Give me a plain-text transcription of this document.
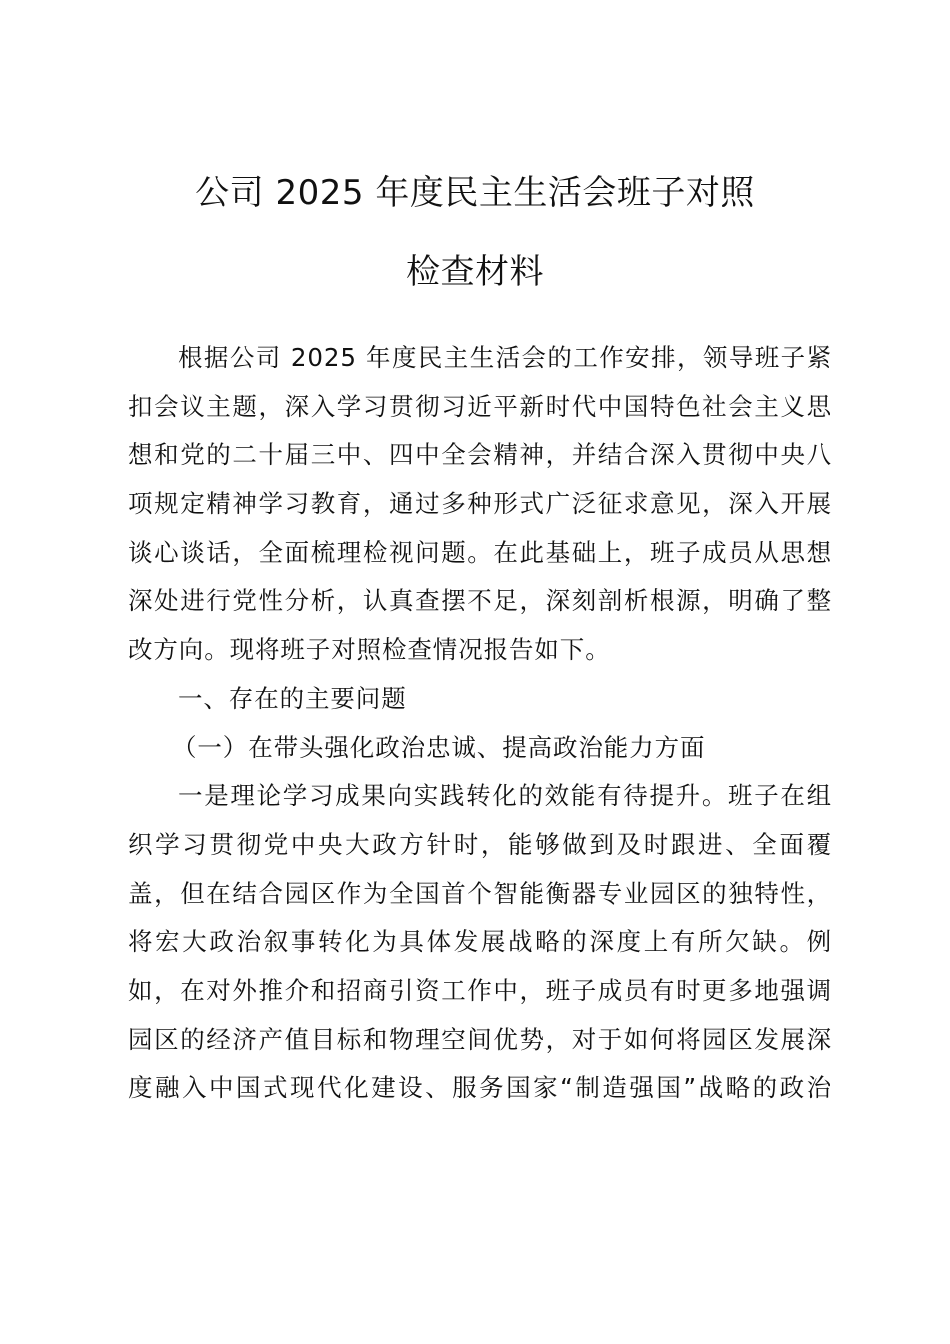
公司 2025 年度民主生活会班子对照
检查材料
根据公司 2025 年度民主生活会的工作安排，领导班子紧
扣会议主题，深入学习贯彻习近平新时代中国特色社会主义思
想和党的二十届三中、四中全会精神，并结合深入贯彻中央八
项规定精神学习教育，通过多种形式广泛征求意见，深入开展
谈心谈话，全面梳理检视问题。在此基础上，班子成员从思想
深处进行党性分析，认真查摆不足，深刻剖析根源，明确了整
改方向。现将班子对照检查情况报告如下。
一、存在的主要问题
（一）在带头强化政治忠诚、提高政治能力方面
一是理论学习成果向实践转化的效能有待提升。班子在组
织学习贯彻党中央大政方针时，能够做到及时跟进、全面覆
盖，但在结合园区作为全国首个智能衡器专业园区的独特性，
将宏大政治叙事转化为具体发展战略的深度上有所欠缺。例
如，在对外推介和招商引资工作中，班子成员有时更多地强调
园区的经济产值目标和物理空间优势，对于如何将园区发展深
度融入中国式现代化建设、服务国家“制造强国”战略的政治
